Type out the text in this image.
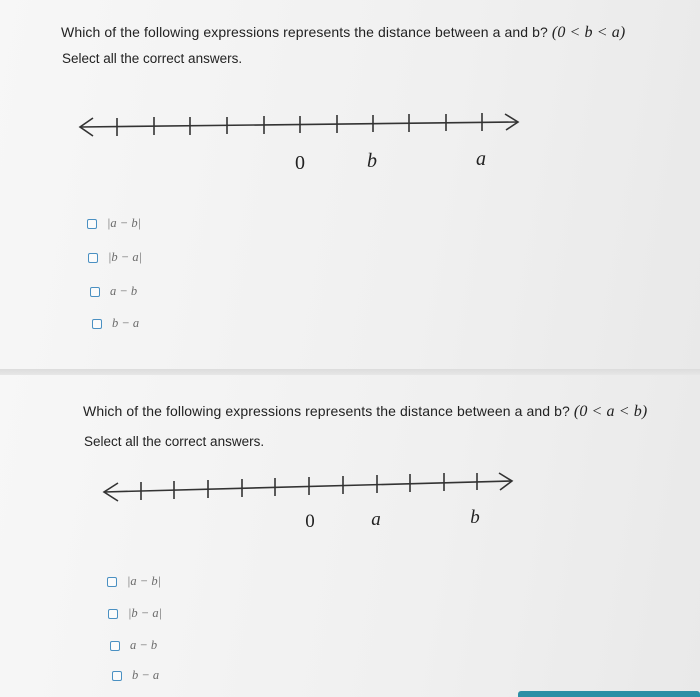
Which of the following expressions represents the distance between a and b? (0 < b < a)
Select all the correct answers.
0	b	a
|a − b|
|b − a|
a − b
b − a
Which of the following expressions represents the distance between a and b? (0 < a < b)
Select all the correct answers.
0	a	b
|a − b|
|b − a|
a − b
b − a
